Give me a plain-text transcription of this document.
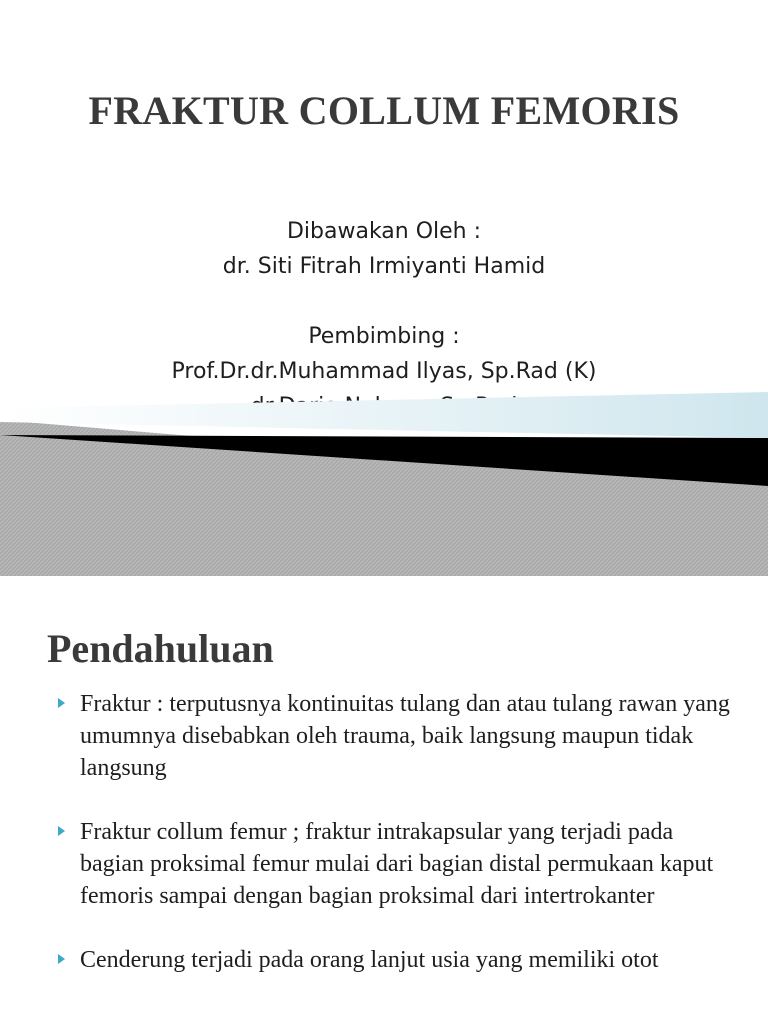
FRAKTUR COLLUM FEMORIS
Dibawakan Oleh :
dr. Siti Fitrah Irmiyanti Hamid
Pembimbing :
Prof.Dr.dr.Muhammad Ilyas, Sp.Rad (K)
Pendahuluan
Fraktur : terputusnya kontinuitas tulang dan atau tulang rawan yang umumnya disebabkan oleh trauma, baik langsung maupun tidak langsung
Fraktur collum femur ; fraktur intrakapsular yang terjadi pada bagian proksimal femur mulai dari bagian distal permukaan kaput femoris sampai dengan bagian proksimal dari intertrokanter
Cenderung terjadi pada orang lanjut usia yang memiliki otot
